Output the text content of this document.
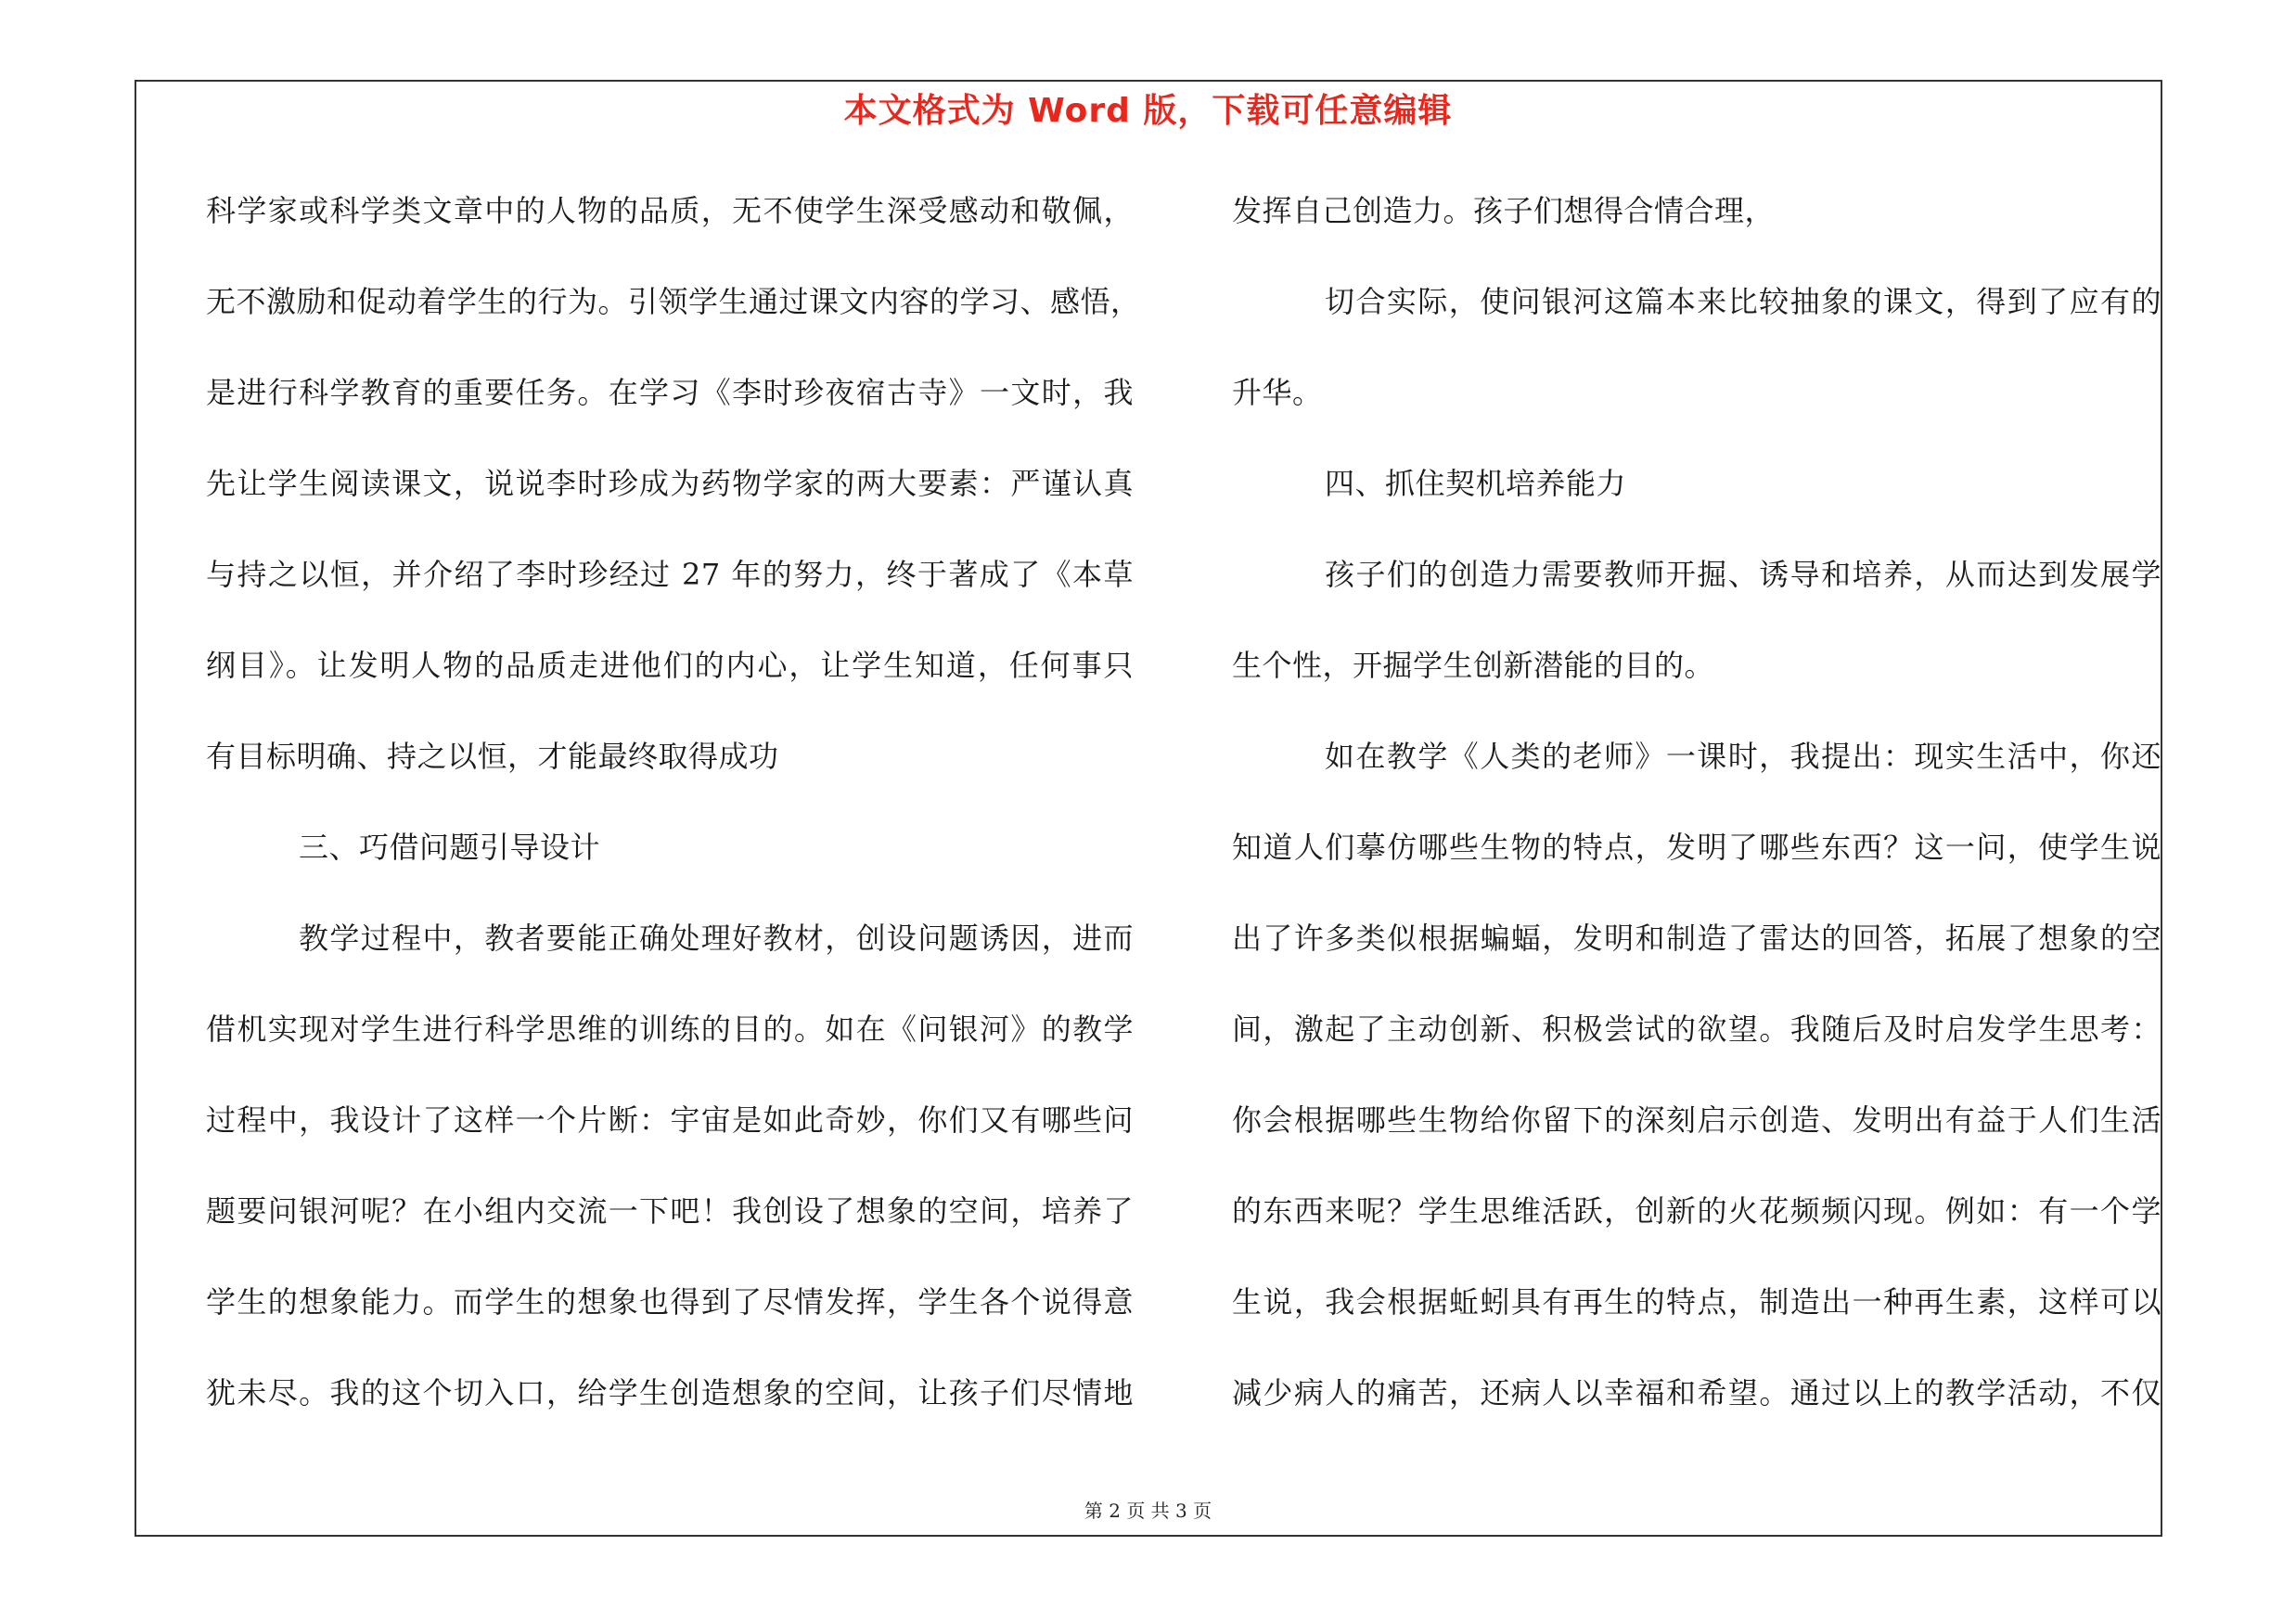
本文格式为 Word 版，下载可任意编辑
科学家或科学类文章中的人物的品质，无不使学生深受感动和敬佩，
无不激励和促动着学生的行为。引领学生通过课文内容的学习、感悟，
是进行科学教育的重要任务。在学习《李时珍夜宿古寺》一文时，我
先让学生阅读课文，说说李时珍成为药物学家的两大要素：严谨认真
与持之以恒，并介绍了李时珍经过 27 年的努力，终于著成了《本草
纲目》。让发明人物的品质走进他们的内心，让学生知道，任何事只
有目标明确、持之以恒，才能最终取得成功
三、巧借问题引导设计
教学过程中，教者要能正确处理好教材，创设问题诱因，进而
借机实现对学生进行科学思维的训练的目的。如在《问银河》的教学
过程中，我设计了这样一个片断：宇宙是如此奇妙，你们又有哪些问
题要问银河呢？在小组内交流一下吧！我创设了想象的空间，培养了
学生的想象能力。而学生的想象也得到了尽情发挥，学生各个说得意
犹未尽。我的这个切入口，给学生创造想象的空间，让孩子们尽情地
发挥自己创造力。孩子们想得合情合理，
切合实际，使问银河这篇本来比较抽象的课文，得到了应有的
升华。
四、抓住契机培养能力
孩子们的创造力需要教师开掘、诱导和培养，从而达到发展学
生个性，开掘学生创新潜能的目的。
如在教学《人类的老师》一课时，我提出：现实生活中，你还
知道人们摹仿哪些生物的特点，发明了哪些东西？这一问，使学生说
出了许多类似根据蝙蝠，发明和制造了雷达的回答，拓展了想象的空
间，激起了主动创新、积极尝试的欲望。我随后及时启发学生思考：
你会根据哪些生物给你留下的深刻启示创造、发明出有益于人们生活
的东西来呢？学生思维活跃，创新的火花频频闪现。例如：有一个学
生说，我会根据蚯蚓具有再生的特点，制造出一种再生素，这样可以
减少病人的痛苦，还病人以幸福和希望。通过以上的教学活动，不仅
第 2 页 共 3 页
